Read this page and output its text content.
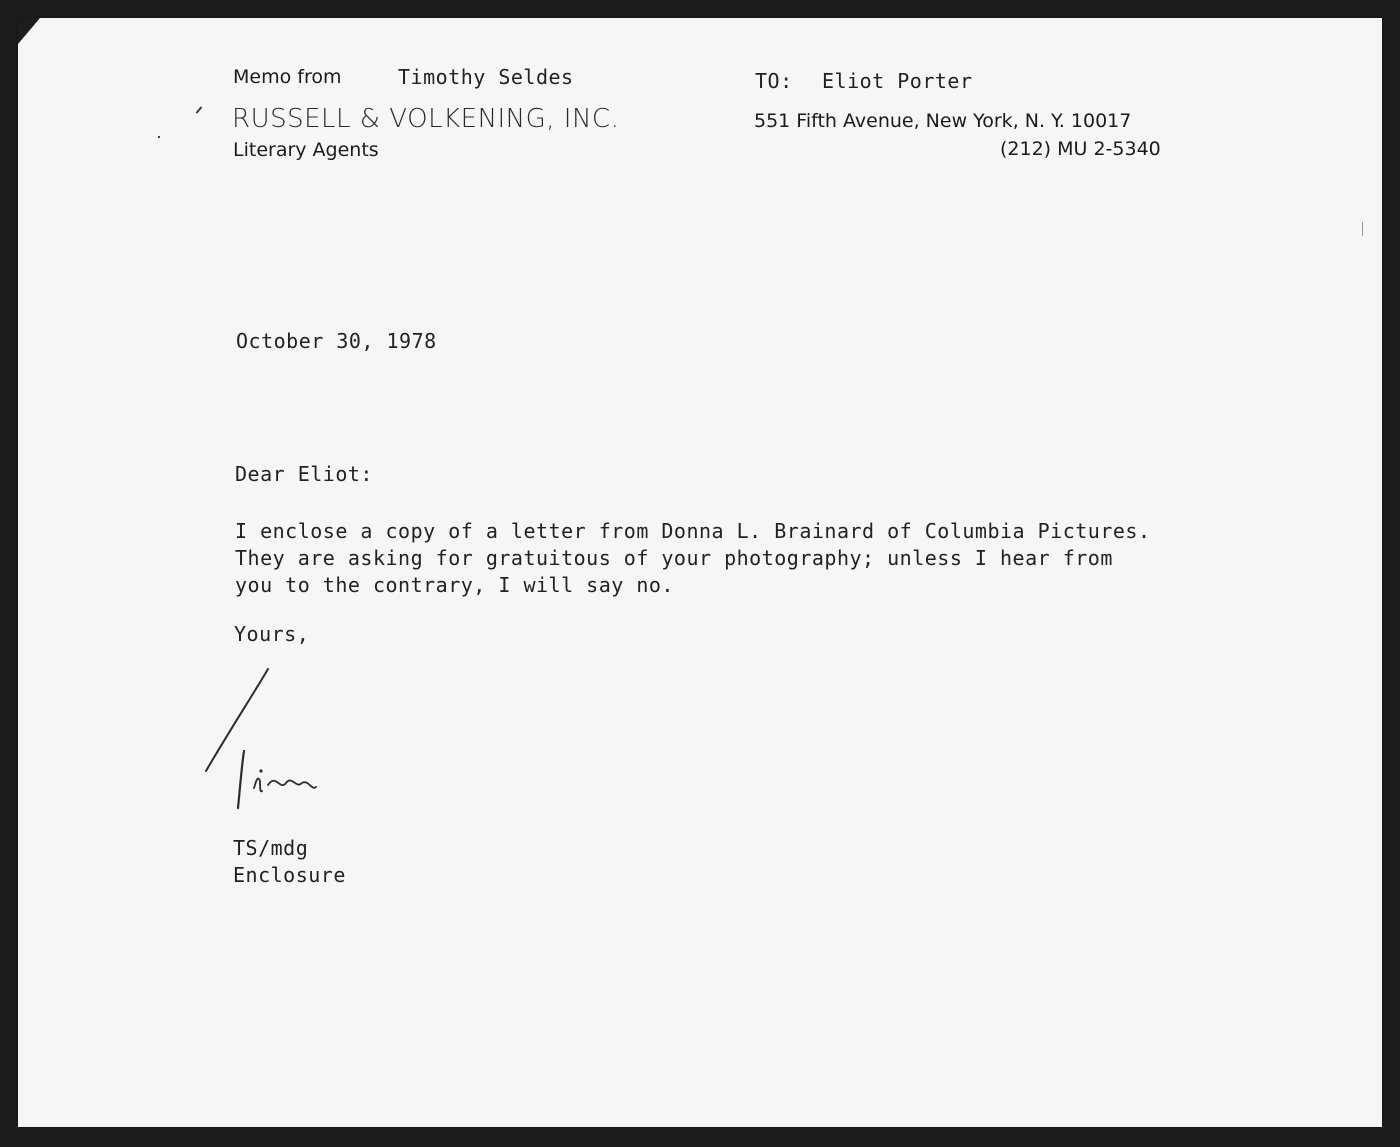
Memo from	Timothy Seldes	TO: Eliot Porter
RUSSELL & VOLKENING, INC.
Literary Agents
551 Fifth Avenue, New York, N. Y. 10017
(212) MU 2-5340
October 30, 1978
Dear Eliot:
I enclose a copy of a letter from Donna L. Brainard of Columbia Pictures.
They are asking for gratuitous of your photography; unless I hear from
you to the contrary, I will say no.
Yours,
TS/mdg
Enclosure
